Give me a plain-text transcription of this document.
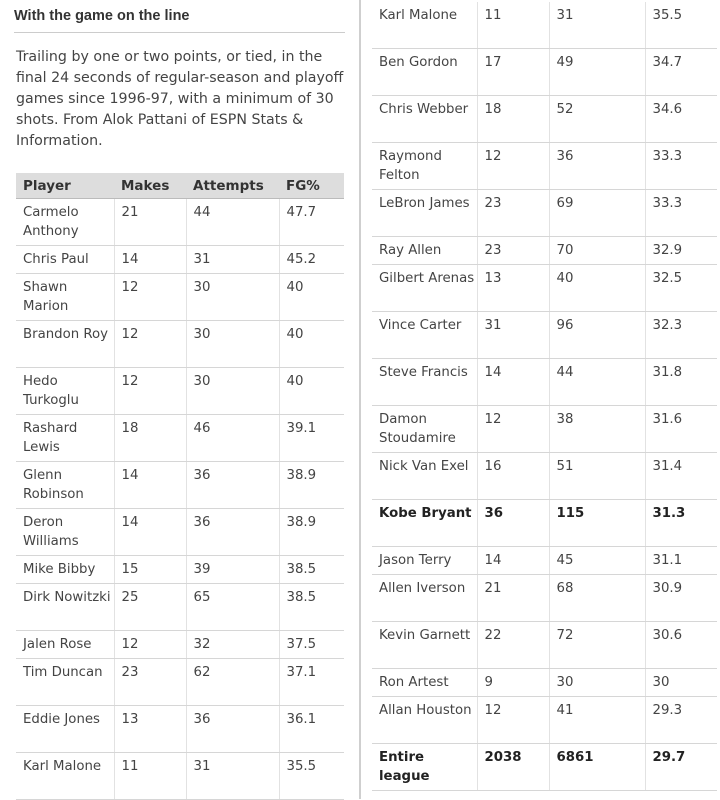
With the game on the line
Trailing by one or two points, or tied, in the final 24 seconds of regular-season and playoff games since 1996-97, with a minimum of 30 shots. From Alok Pattani of ESPN Stats & Information.
Player	Makes	Attempts	FG%
Carmelo Anthony	21	44	47.7
Chris Paul	14	31	45.2
Shawn Marion	12	30	40
Brandon Roy	12	30	40
Hedo Turkoglu	12	30	40
Rashard Lewis	18	46	39.1
Glenn Robinson	14	36	38.9
Deron Williams	14	36	38.9
Mike Bibby	15	39	38.5
Dirk Nowitzki	25	65	38.5
Jalen Rose	12	32	37.5
Tim Duncan	23	62	37.1
Eddie Jones	13	36	36.1
Karl Malone	11	31	35.5
Karl Malone	11	31	35.5
Ben Gordon	17	49	34.7
Chris Webber	18	52	34.6
Raymond Felton	12	36	33.3
LeBron James	23	69	33.3
Ray Allen	23	70	32.9
Gilbert Arenas	13	40	32.5
Vince Carter	31	96	32.3
Steve Francis	14	44	31.8
Damon Stoudamire	12	38	31.6
Nick Van Exel	16	51	31.4
Kobe Bryant	36	115	31.3
Jason Terry	14	45	31.1
Allen Iverson	21	68	30.9
Kevin Garnett	22	72	30.6
Ron Artest	9	30	30
Allan Houston	12	41	29.3
Entire league	2038	6861	29.7
